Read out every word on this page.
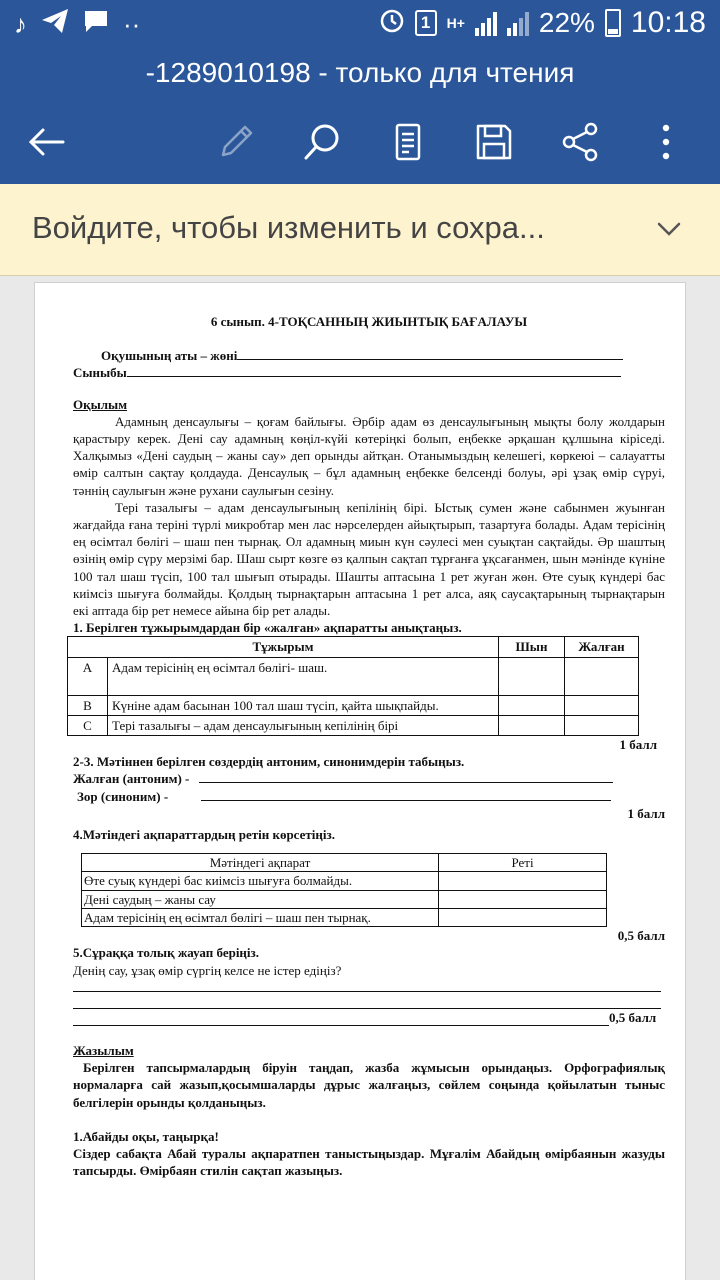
♪	··	1	H+	22% 10:18
-1289010198 - только для чтения
Войдите, чтобы изменить и сохра...
6 сынып. 4-ТОҚСАННЫҢ ЖИЫНТЫҚ БАҒАЛАУЫ
Оқушының аты – жөні
Сыныбы
Оқылым

Адамның денсаулығы – қоғам байлығы. Әрбір адам өз денсаулығының мықты болу жолдарын қарастыру керек. Дені сау адамның көңіл-күйі көтеріңкі болып, еңбекке әрқашан құлшына кіріседі. Халқымыз «Дені саудың – жаны сау» деп орынды айтқан. Отанымыздың келешегі, көркеюі – салауатты өмір салтын сақтау қолдауда. Денсаулық – бұл адамның еңбекке белсенді болуы, әрі ұзақ өмір сүруі, тәннің саулығын және рухани саулығын сезіну.

Тері тазалығы – адам денсаулығының кепілінің бірі. Ыстық сумен және сабынмен жуынған жағдайда ғана теріні түрлі микробтар мен лас нәрселерден айықтырып, тазартуға болады. Адам терісінің ең өсімтал бөлігі – шаш пен тырнақ. Ол адамның миын күн сәулесі мен суықтан сақтайды. Әр шаштың өзінің өмір сүру мерзімі бар. Шаш сырт көзге өз қалпын сақтап тұрғанға ұқсағанмен, шын мәнінде күніне 100 тал шаш түсіп, 100 тал шығып отырады. Шашты аптасына 1 рет жуған жөн. Өте суық күндері бас киімсіз шығуға болмайды. Қолдың тырнақтарын аптасына 1 рет алса, аяқ саусақтарының тырнақтарын екі аптада бір рет немесе айына бір рет алады.

1. Берілген тұжырымдардан бір «жалған» ақпаратты анықтаңыз.
Тұжырым		Шын	Жалған
А	Адам терісінің ең өсімтал бөлігі- шаш.		
В	Күніне адам басынан 100 тал шаш түсіп, қайта шықпайды.		
С	Тері тазалығы – адам денсаулығының кепілінің бірі		
1 балл
2-3. Мәтіннен берілген сөздердің антоним, синонимдерін табыңыз.
Жалған (антоним) -
Зор (синоним) -
1 балл
4.Мәтіндегі ақпараттардың ретін көрсетіңіз.
Мәтіндегі ақпарат	Реті
Өте суық күндері бас киімсіз шығуға болмайды.	
Дені саудың – жаны сау	
Адам терісінің ең өсімтал бөлігі – шаш пен тырнақ.	
0,5 балл
5.Сұраққа толық жауап беріңіз.
Денің сау, ұзақ өмір сүргің келсе не істер едіңіз?
0,5 балл
Жазылым

Берілген тапсырмалардың біруін таңдап, жазба жұмысын орындаңыз. Орфографиялық нормаларға сай жазып,қосымшаларды дұрыс жалғаңыз, сөйлем соңында қойылатын тыныс белгілерін орынды қолданыңыз.

1.Абайды оқы, таңырқа!

Сіздер сабақта Абай туралы ақпаратпен таныстыңыздар. Мұғалім Абайдың өмірбаянын жазуды тапсырды. Өмірбаян стилін сақтап жазыңыз.
